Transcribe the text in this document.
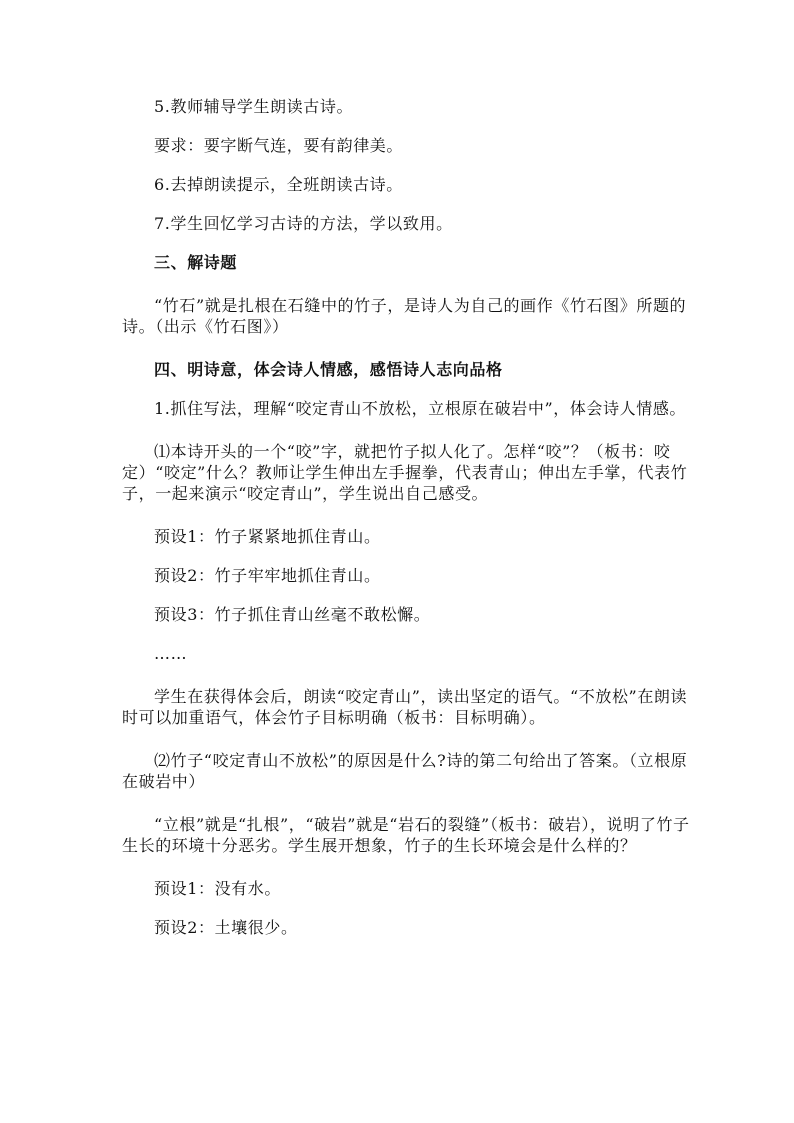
5.教师辅导学生朗读古诗。

要求：要字断气连，要有韵律美。

6.去掉朗读提示，全班朗读古诗。

7.学生回忆学习古诗的方法，学以致用。

三、解诗题

“竹石”就是扎根在石缝中的竹子，是诗人为自己的画作《竹石图》所题的诗。（出示《竹石图》）

四、明诗意，体会诗人情感，感悟诗人志向品格

1.抓住写法，理解“咬定青山不放松，立根原在破岩中”，体会诗人情感。

⑴本诗开头的一个“咬”字，就把竹子拟人化了。怎样“咬”？（板书：咬定）“咬定”什么？教师让学生伸出左手握拳，代表青山；伸出左手掌，代表竹子，一起来演示“咬定青山”，学生说出自己感受。

预设1：竹子紧紧地抓住青山。

预设2：竹子牢牢地抓住青山。

预设3：竹子抓住青山丝毫不敢松懈。

……

学生在获得体会后，朗读“咬定青山”，读出坚定的语气。“不放松”在朗读时可以加重语气，体会竹子目标明确（板书：目标明确）。

⑵竹子“咬定青山不放松”的原因是什么?诗的第二句给出了答案。（立根原在破岩中）

“立根”就是“扎根”，“破岩”就是“岩石的裂缝”（板书：破岩），说明了竹子生长的环境十分恶劣。学生展开想象，竹子的生长环境会是什么样的？

预设1：没有水。

预设2：土壤很少。
